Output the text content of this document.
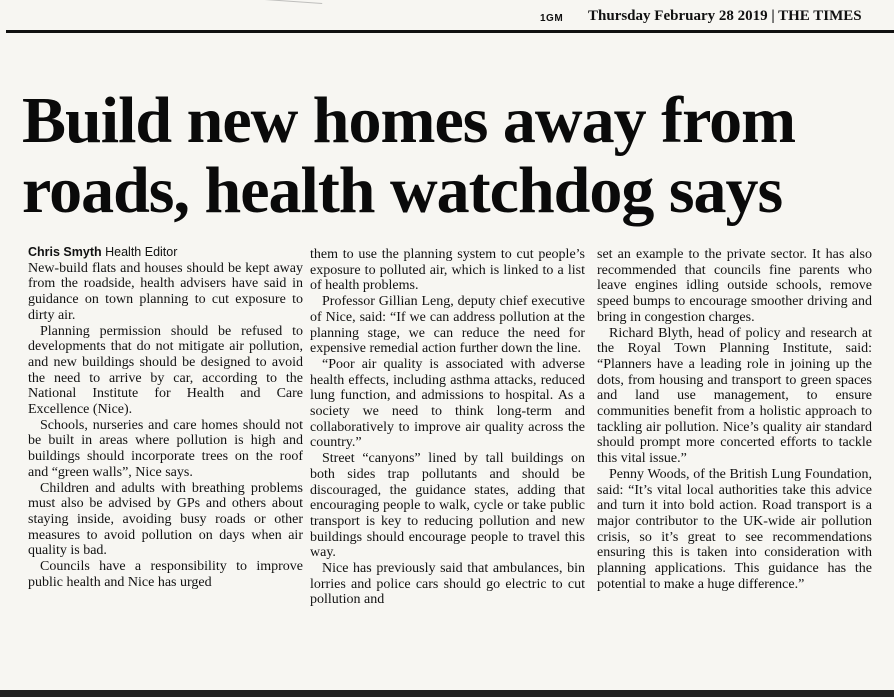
1GM Thursday February 28 2019 | THE TIMES
Build new homes away from roads, health watchdog says

Chris Smyth Health Editor

New-build flats and houses should be kept away from the roadside, health advisers have said in guidance on town planning to cut exposure to dirty air.

Planning permission should be refused to developments that do not mitigate air pollution, and new buildings should be designed to avoid the need to arrive by car, according to the National Institute for Health and Care Excellence (Nice).

Schools, nurseries and care homes should not be built in areas where pollution is high and buildings should incorporate trees on the roof and “green walls”, Nice says.

Children and adults with breathing problems must also be advised by GPs and others about staying inside, avoiding busy roads or other measures to avoid pollution on days when air quality is bad.

Councils have a responsibility to improve public health and Nice has urged

them to use the planning system to cut people’s exposure to polluted air, which is linked to a list of health problems.

Professor Gillian Leng, deputy chief executive of Nice, said: “If we can address pollution at the planning stage, we can reduce the need for expensive remedial action further down the line.

“Poor air quality is associated with adverse health effects, including asthma attacks, reduced lung function, and admissions to hospital. As a society we need to think long-term and collaboratively to improve air quality across the country.”

Street “canyons” lined by tall buildings on both sides trap pollutants and should be discouraged, the guidance states, adding that encouraging people to walk, cycle or take public transport is key to reducing pollution and new buildings should encourage people to travel this way.

Nice has previously said that ambulances, bin lorries and police cars should go electric to cut pollution and

set an example to the private sector. It has also recommended that councils fine parents who leave engines idling outside schools, remove speed bumps to encourage smoother driving and bring in congestion charges.

Richard Blyth, head of policy and research at the Royal Town Planning Institute, said: “Planners have a leading role in joining up the dots, from housing and transport to green spaces and land use management, to ensure communities benefit from a holistic approach to tackling air pollution. Nice’s quality air standard should prompt more concerted efforts to tackle this vital issue.”

Penny Woods, of the British Lung Foundation, said: “It’s vital local authorities take this advice and turn it into bold action. Road transport is a major contributor to the UK-wide air pollution crisis, so it’s great to see recommendations ensuring this is taken into consideration with planning applications. This guidance has the potential to make a huge difference.”
